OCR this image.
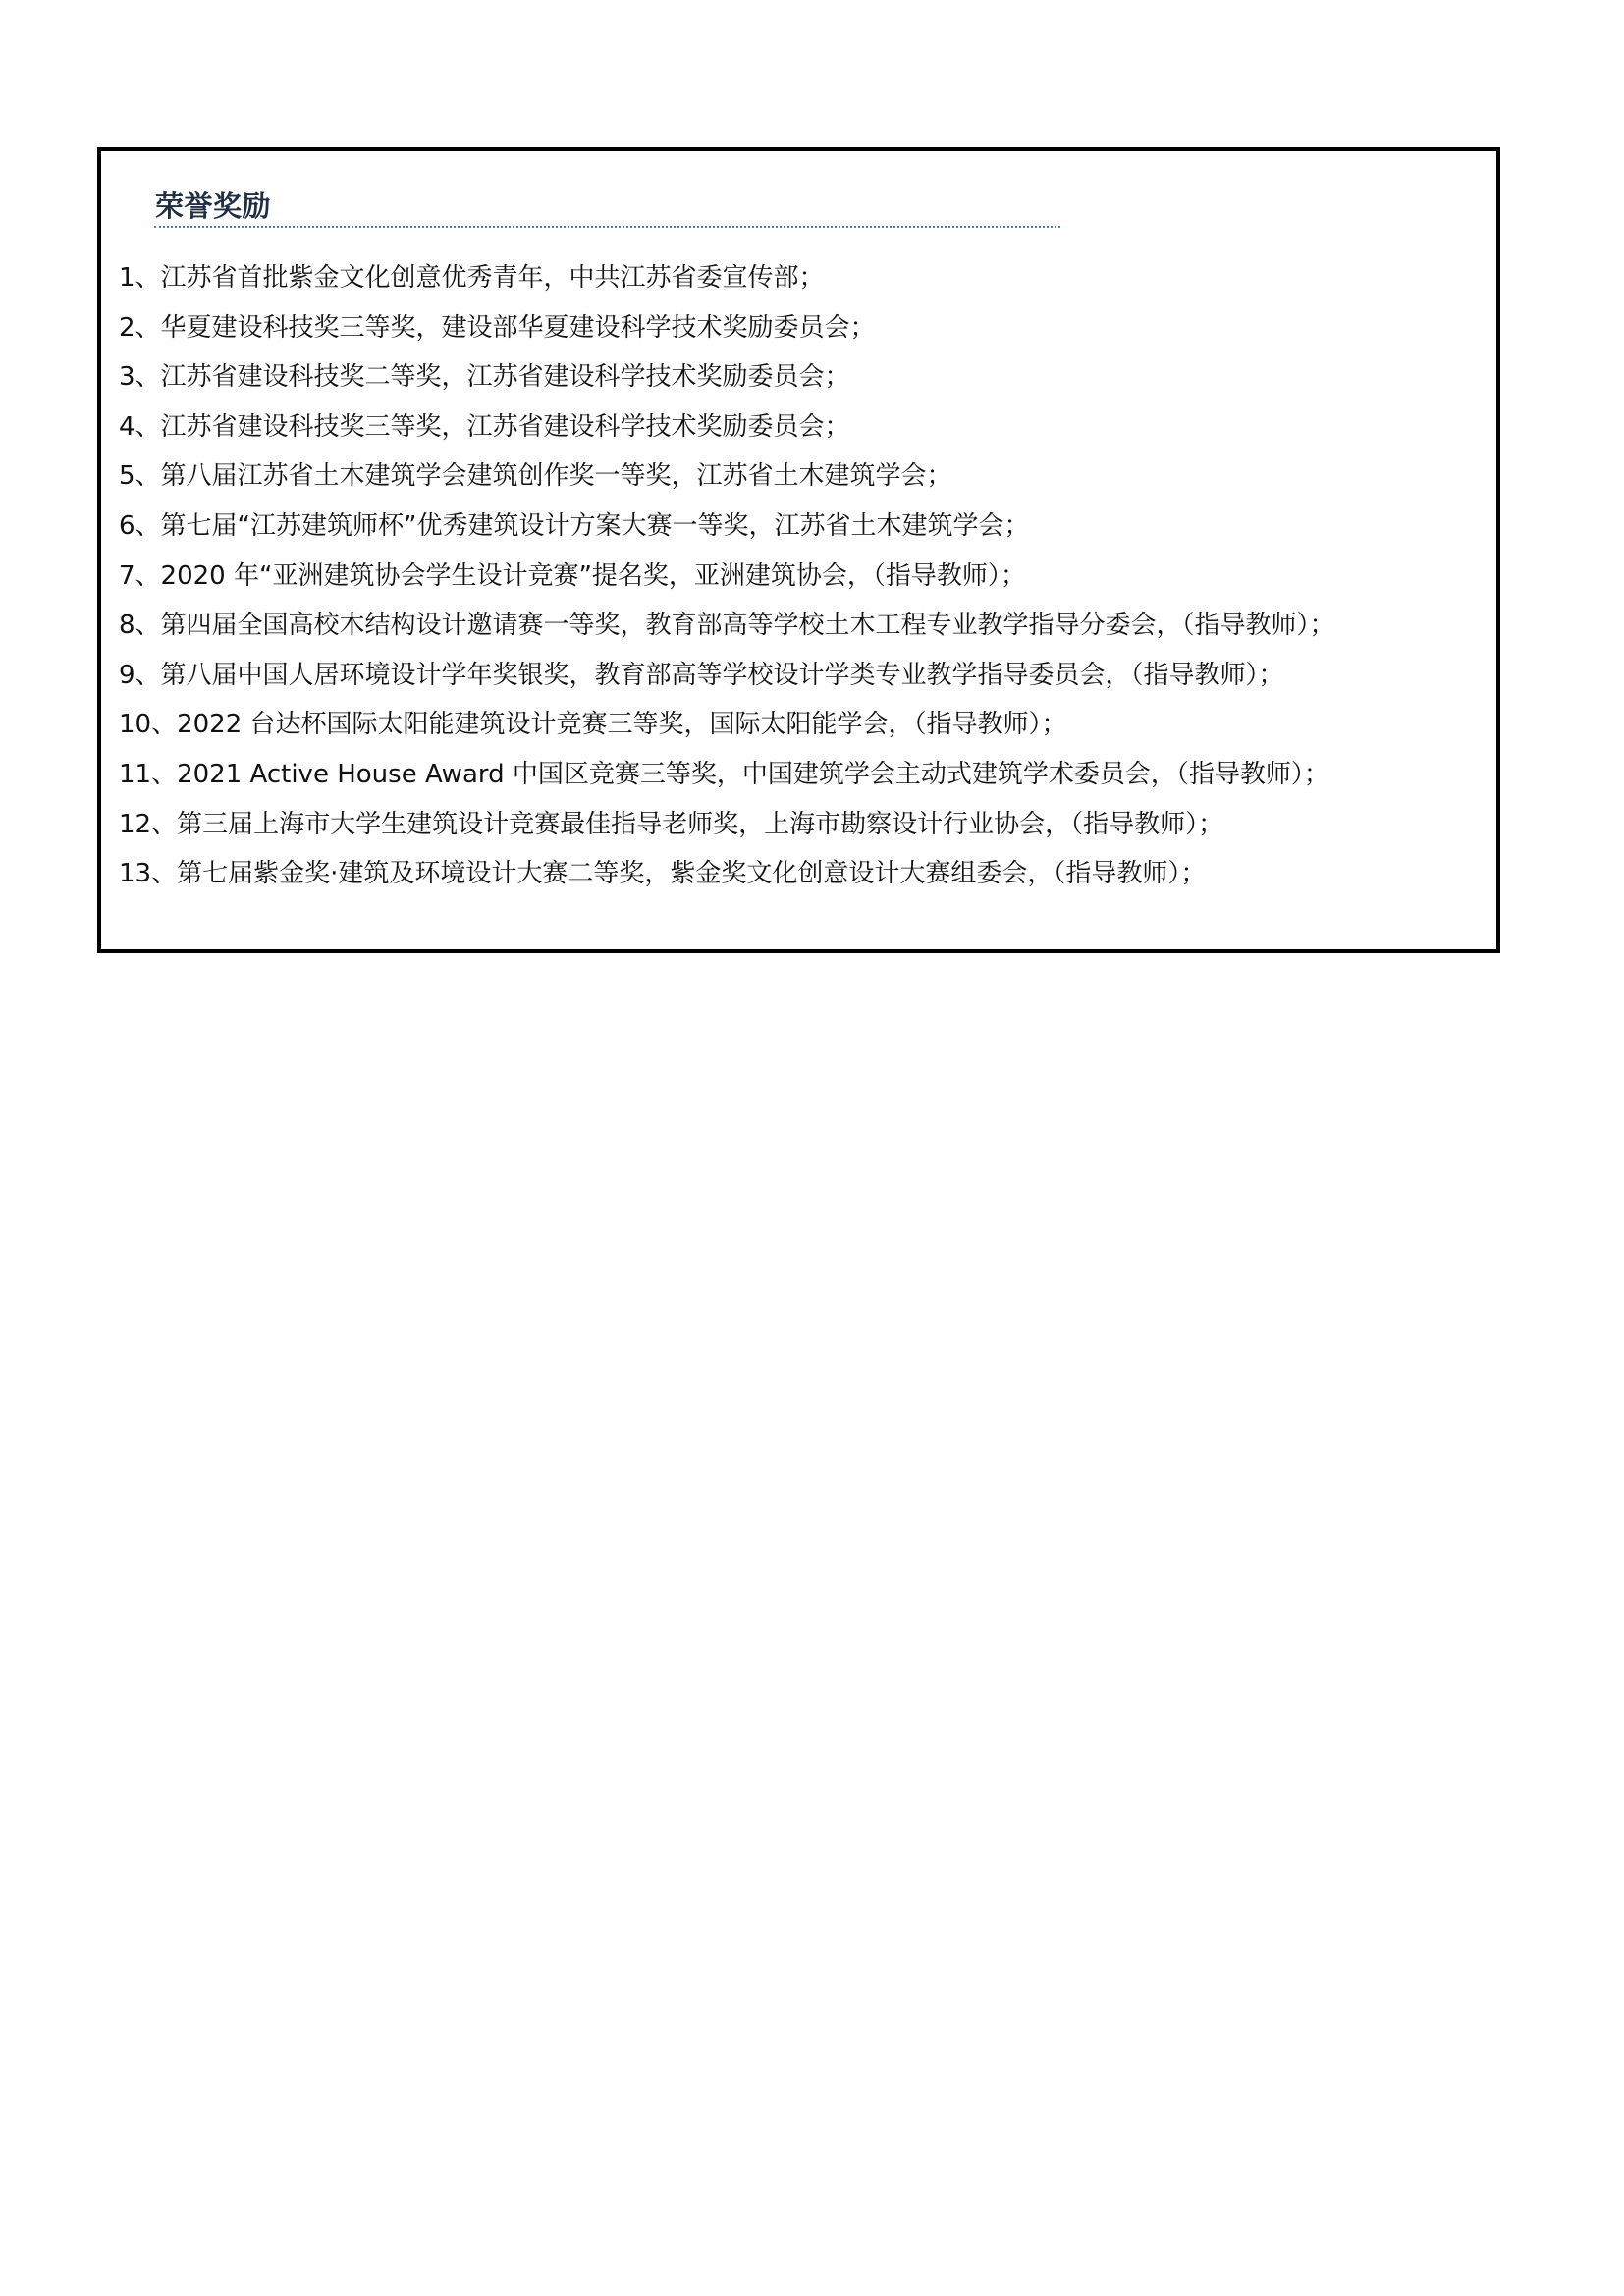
荣誉奖励
1、江苏省首批紫金文化创意优秀青年，中共江苏省委宣传部；
2、华夏建设科技奖三等奖，建设部华夏建设科学技术奖励委员会；
3、江苏省建设科技奖二等奖，江苏省建设科学技术奖励委员会；
4、江苏省建设科技奖三等奖，江苏省建设科学技术奖励委员会；
5、第八届江苏省土木建筑学会建筑创作奖一等奖，江苏省土木建筑学会；
6、第七届“江苏建筑师杯”优秀建筑设计方案大赛一等奖，江苏省土木建筑学会；
7、2020 年“亚洲建筑协会学生设计竞赛”提名奖，亚洲建筑协会，（指导教师）；
8、第四届全国高校木结构设计邀请赛一等奖，教育部高等学校土木工程专业教学指导分委会，（指导教师）；
9、第八届中国人居环境设计学年奖银奖，教育部高等学校设计学类专业教学指导委员会，（指导教师）；
10、2022 台达杯国际太阳能建筑设计竞赛三等奖，国际太阳能学会，（指导教师）；
11、2021 Active House Award 中国区竞赛三等奖，中国建筑学会主动式建筑学术委员会，（指导教师）；
12、第三届上海市大学生建筑设计竞赛最佳指导老师奖，上海市勘察设计行业协会，（指导教师）；
13、第七届紫金奖·建筑及环境设计大赛二等奖，紫金奖文化创意设计大赛组委会，（指导教师）；
